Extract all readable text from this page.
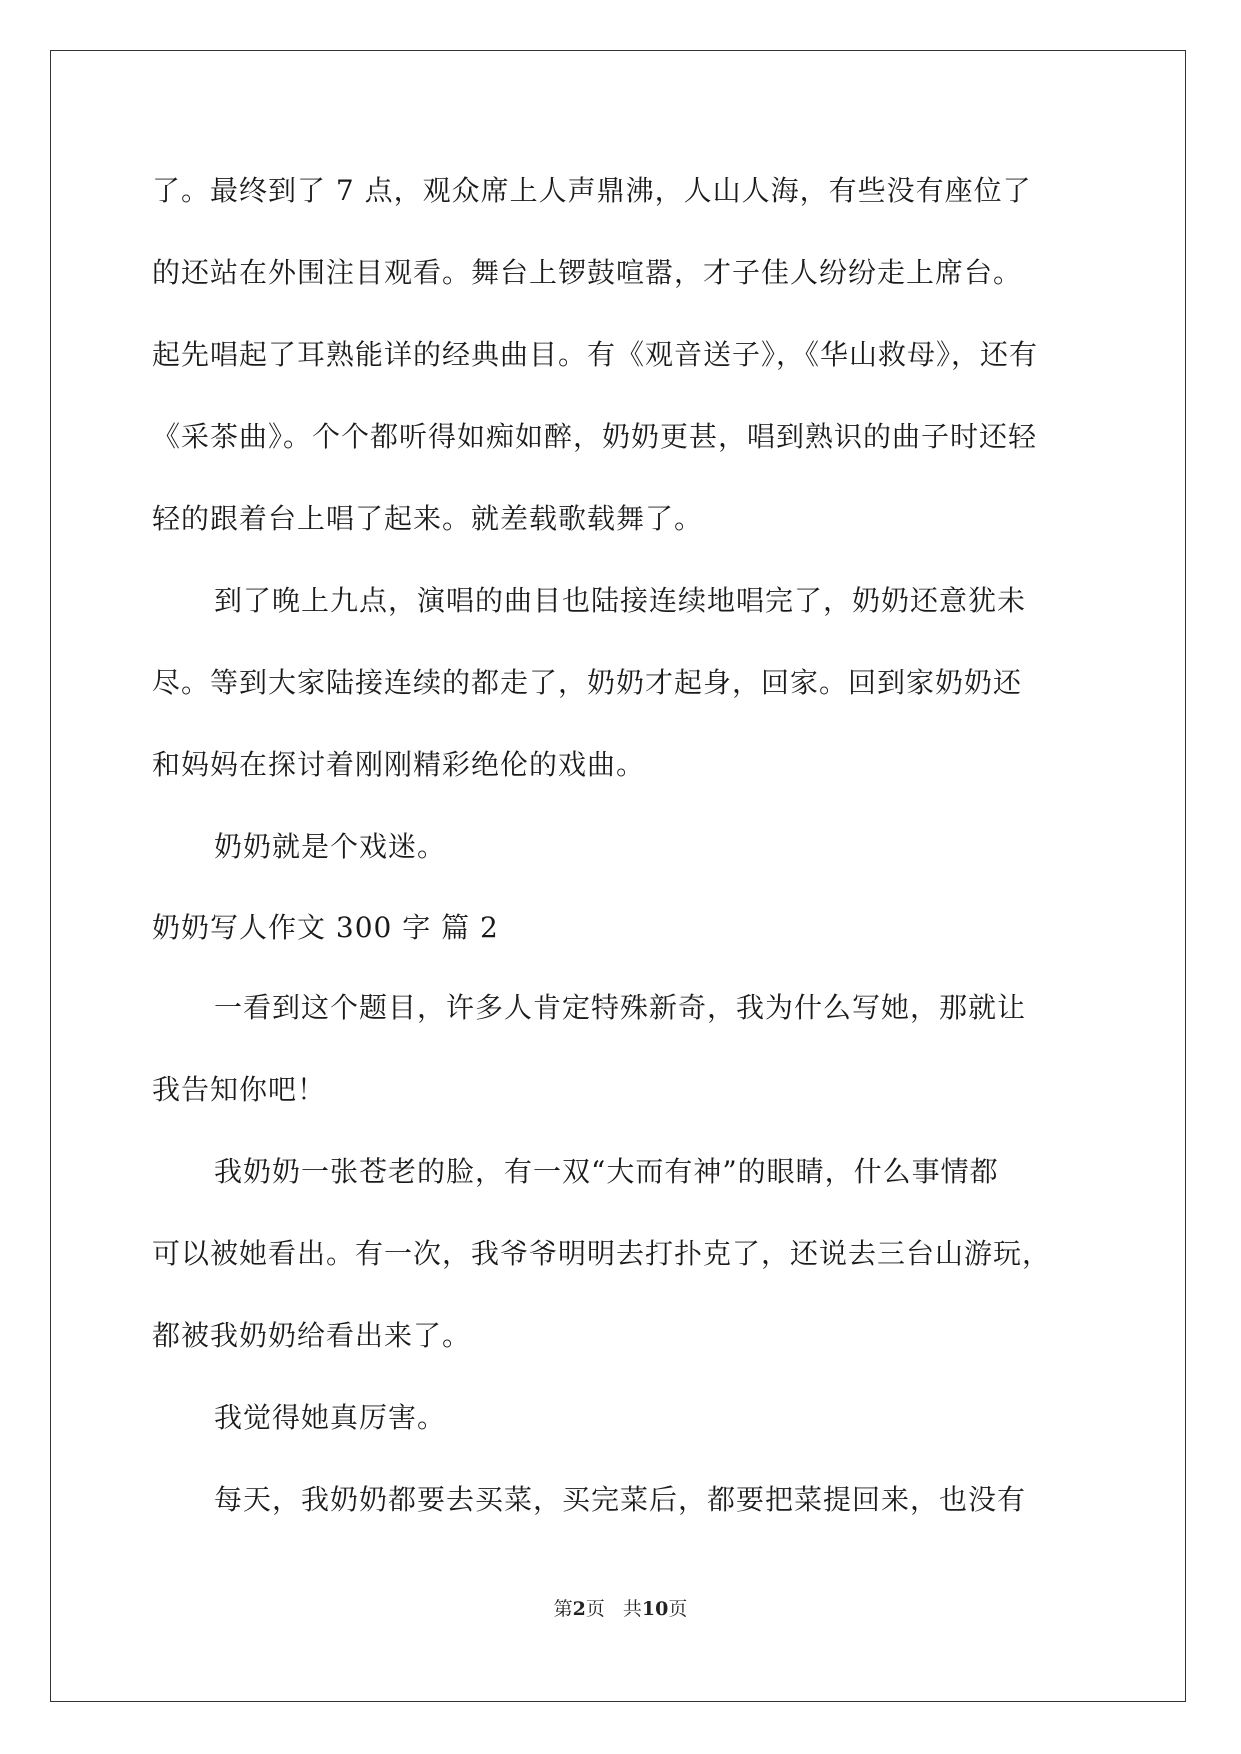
了。最终到了 7 点，观众席上人声鼎沸，人山人海，有些没有座位了
的还站在外围注目观看。舞台上锣鼓喧嚣，才子佳人纷纷走上席台。
起先唱起了耳熟能详的经典曲目。有《观音送子》，《华山救母》，还有
《采茶曲》。个个都听得如痴如醉，奶奶更甚，唱到熟识的曲子时还轻
轻的跟着台上唱了起来。就差载歌载舞了。
到了晚上九点，演唱的曲目也陆接连续地唱完了，奶奶还意犹未
尽。等到大家陆接连续的都走了，奶奶才起身，回家。回到家奶奶还
和妈妈在探讨着刚刚精彩绝伦的戏曲。
奶奶就是个戏迷。
奶奶写人作文 300 字 篇 2
一看到这个题目，许多人肯定特殊新奇，我为什么写她，那就让
我告知你吧！
我奶奶一张苍老的脸，有一双“大而有神”的眼睛，什么事情都
可以被她看出。有一次，我爷爷明明去打扑克了，还说去三台山游玩，
都被我奶奶给看出来了。
我觉得她真厉害。
每天，我奶奶都要去买菜，买完菜后，都要把菜提回来，也没有
第2页 共10页
